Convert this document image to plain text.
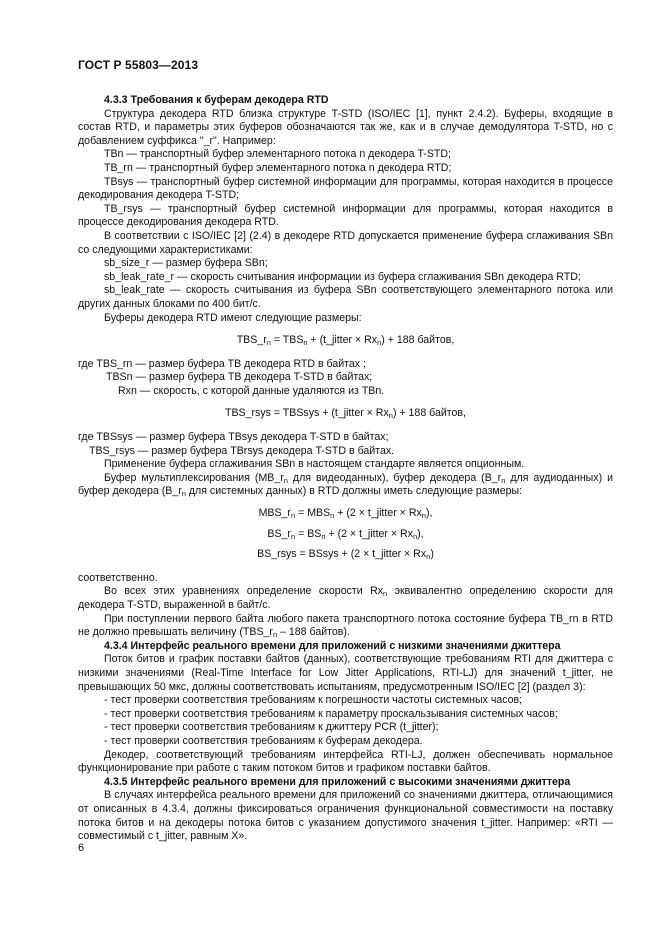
ГОСТ Р 55803—2013
4.3.3 Требования к буферам декодера RTD
Структура декодера RTD близка структуре T-STD (ISO/IEC [1], пункт 2.4.2). Буферы, входящие в состав RTD, и параметры этих буферов обозначаются так же, как и в случае демодулятора T-STD, но с добавлением суффикса "_r". Например:
TBn — транспортный буфер элементарного потока n декодера T-STD;
TB_rn — транспортный буфер элементарного потока n декодера RTD;
TBsys — транспортный буфер системной информации для программы, которая находится в процессе декодирования декодера T-STD;
TB_rsys — транспортный буфер системной информации для программы, которая находится в процессе декодирования декодера RTD.
В соответствии с ISO/IEC [2] (2.4) в декодере RTD допускается применение буфера сглаживания SBn со следующими характеристиками:
sb_size_r — размер буфера SBn;
sb_leak_rate_r — скорость считывания информации из буфера сглаживания SBn декодера RTD;
sb_leak_rate — скорость считывания из буфера SBn соответствующего элементарного потока или других данных блоками по 400 бит/с.
Буферы декодера RTD имеют следующие размеры:
$TBS\_r_n = TBS_n$ + (t_jitter × $Rx_n) + 188$ байтов,
где TBS_rn — размер буфера TB декодера RTD в байтах ;
TBSn — размер буфера TB декодера T-STD в байтах;
Rxn — скорость, с которой данные удаляются из TBn.
TBS_rsys = TBSsys + (t_jitter × $Rx_n) + 188$ байтов,
где TBSsys — размер буфера TBsys декодера T-STD в байтах;
TBS_rsys — размер буфера TBrsys декодера T-STD в байтах.
Применение буфера сглаживания SBn в настоящем стандарте является опционным.
Буфер мультиплексирования ($MB\_r_n$ для видеоданных), буфер декодера ($B\_r_n$ для аудиоданных) и буфер декодера ($B\_r_n$ для системных данных) в RTD должны иметь следующие размеры:
$MBS\_r_n = MBS_n + (2$ × t_jitter × $Rx_n$),
$BS\_r_n = BS_n + (2$ × t_jitter × $Rx_n$),
BS_rsys = BSsys + (2 × t_jitter × $Rx_n$)
соответственно.
Во всех этих уравнениях определение скорости $Rx_n$ эквивалентно определению скорости для декодера T-STD, выраженной в байт/с.
При поступлении первого байта любого пакета транспортного потока состояние буфера TB_rn в RTD не должно превышать величину ($TBS\_r_n - 188$ байтов).
4.3.4 Интерфейс реального времени для приложений с низкими значениями джиттера
Поток битов и график поставки байтов (данных), соответствующие требованиям RTI для джиттера с низкими значениями (Real-Time Interface for Low Jitter Applications, RTI-LJ) для значений t_jitter, не превышающих 50 мкс, должны соответствовать испытаниям, предусмотренным ISO/IEC [2] (раздел 3):
- тест проверки соответствия требованиям к погрешности частоты системных часов;
- тест проверки соответствия требованиям к параметру проскальзывания системных часов;
- тест проверки соответствия требованиям к джиттеру PCR (t_jitter);
- тест проверки соответствия требованиям к буферам декодера.
Декодер, соответствующий требованиям интерфейса RTI-LJ, должен обеспечивать нормальное функционирование при работе с таким потоком битов и графиком поставки байтов.
4.3.5 Интерфейс реального времени для приложений с высокими значениями джиттера
В случаях интерфейса реального времени для приложений со значениями джиттера, отличающимися от описанных в 4.3.4, должны фиксироваться ограничения функциональной совместимости на поставку потока битов и на декодеры потока битов с указанием допустимого значения t_jitter. Например: «RTI — совместимый с t_jitter, равным X».
6
